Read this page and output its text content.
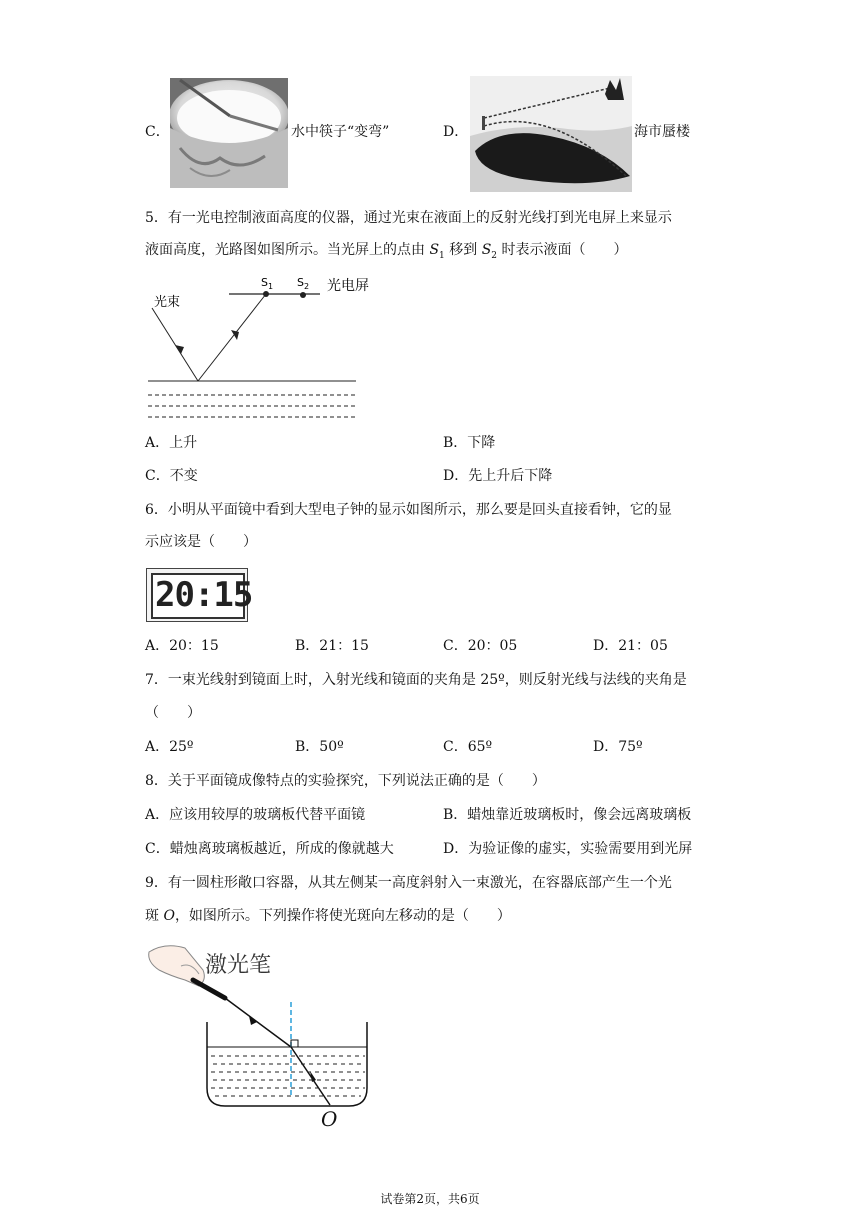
C．	水中筷子“变弯”	D．	海市蜃楼
5．有一光电控制液面高度的仪器，通过光束在液面上的反射光线打到光电屏上来显示
液面高度，光路图如图所示。当光屏上的点由 $S_1$ 移到 $S_2$ 时表示液面（　　）
光束
$S_1$ $S_2$ 光电屏
A．上升	B．下降
C．不变	D．先上升后下降
6．小明从平面镜中看到大型电子钟的显示如图所示，那么要是回头直接看钟，它的显
示应该是（　　）
20:15
A．20：15	B．21：15	C．20：05	D．21：05
7．一束光线射到镜面上时，入射光线和镜面的夹角是 25º，则反射光线与法线的夹角是
（　　）
A．25º	B．50º	C．65º	D．75º
8．关于平面镜成像特点的实验探究，下列说法正确的是（　　）
A．应该用较厚的玻璃板代替平面镜	B．蜡烛靠近玻璃板时，像会远离玻璃板
C．蜡烛离玻璃板越近，所成的像就越大	D．为验证像的虚实，实验需要用到光屏
9．有一圆柱形敞口容器，从其左侧某一高度斜射入一束激光，在容器底部产生一个光
斑 O，如图所示。下列操作将使光斑向左移动的是（　　）
激光笔
O
试卷第2页，共6页
